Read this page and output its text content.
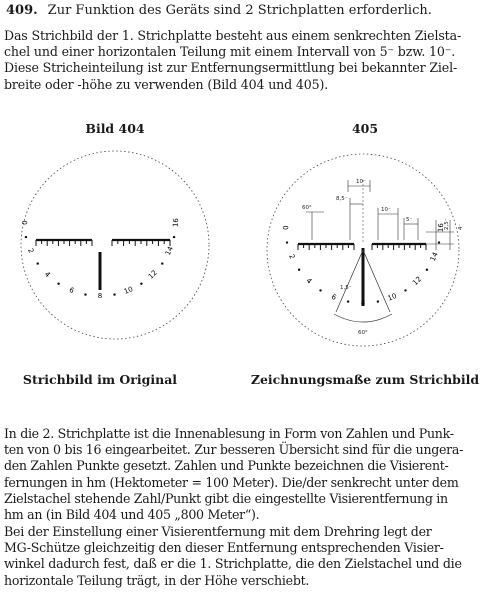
409. Zur Funktion des Geräts sind 2 Strichplatten erforderlich.
Das Strichbild der 1. Strichplatte besteht aus einem senkrechten Zielsta-
chel und einer horizontalen Teilung mit einem Intervall von 5⁻ bzw. 10⁻.
Diese Stricheinteilung ist zur Entfernungsermittlung bei bekannter Ziel-
breite oder -höhe zu verwenden (Bild 404 und 405).
Bild 404	405
0
2
4
6
8
10
12
14
16
10⁻
8,5⁻
10⁻
5⁻	2,5⁻ 4⁻
1,5⁻
60°
60°
0
2
4
6
8
10
12
14
16
Strichbild im Original	Zeichnungsmaße zum Strichbild
In die 2. Strichplatte ist die Innenablesung in Form von Zahlen und Punk-
ten von 0 bis 16 eingearbeitet. Zur besseren Übersicht sind für die ungera-
den Zahlen Punkte gesetzt. Zahlen und Punkte bezeichnen die Visierent-
fernungen in hm (Hektometer = 100 Meter). Die/der senkrecht unter dem
Zielstachel stehende Zahl/Punkt gibt die eingestellte Visierentfernung in
hm an (in Bild 404 und 405 „800 Meter“).
Bei der Einstellung einer Visierentfernung mit dem Drehring legt der
MG-Schütze gleichzeitig den dieser Entfernung entsprechenden Visier-
winkel dadurch fest, daß er die 1. Strichplatte, die den Zielstachel und die
horizontale Teilung trägt, in der Höhe verschiebt.
